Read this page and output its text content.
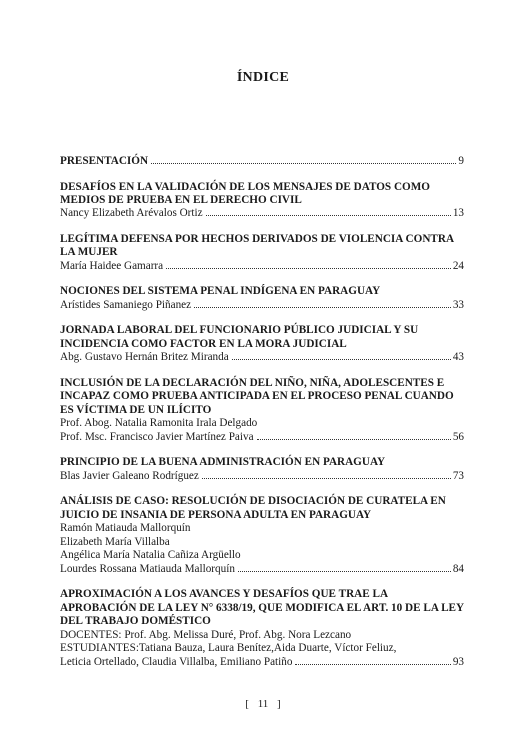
ÍNDICE
PRESENTACIÓN	9
DESAFÍOS EN LA VALIDACIÓN DE LOS MENSAJES DE DATOS COMO MEDIOS DE PRUEBA EN EL DERECHO CIVIL
Nancy Elizabeth Arévalos Ortiz	13
LEGÍTIMA DEFENSA POR HECHOS DERIVADOS DE VIOLENCIA CONTRA LA MUJER
María Haidee Gamarra	24
NOCIONES DEL SISTEMA PENAL INDÍGENA EN PARAGUAY
Arístides Samaniego Piñanez	33
JORNADA LABORAL DEL FUNCIONARIO PÚBLICO JUDICIAL Y SU INCIDENCIA COMO FACTOR EN LA MORA JUDICIAL
Abg. Gustavo Hernán Britez Miranda	43
INCLUSIÓN DE LA DECLARACIÓN DEL NIÑO, NIÑA, ADOLESCENTES E INCAPAZ COMO PRUEBA ANTICIPADA EN EL PROCESO PENAL CUANDO ES VÍCTIMA DE UN ILÍCITO
Prof. Abog. Natalia Ramonita Irala Delgado
Prof. Msc. Francisco Javier Martínez Paiva	56
PRINCIPIO DE LA BUENA ADMINISTRACIÓN EN PARAGUAY
Blas Javier Galeano Rodríguez	73
ANÁLISIS DE CASO: RESOLUCIÓN DE DISOCIACIÓN DE CURATELA EN JUICIO DE INSANIA DE PERSONA ADULTA EN PARAGUAY
Ramón Matiauda Mallorquín
Elizabeth María Villalba
Angélica María Natalia Cañiza Argüello
Lourdes Rossana Matiauda Mallorquín	84
APROXIMACIÓN A LOS AVANCES Y DESAFÍOS QUE TRAE LA APROBACIÓN DE LA LEY N° 6338/19, QUE MODIFICA EL ART. 10 DE LA LEY DEL TRABAJO DOMÉSTICO
DOCENTES: Prof. Abg. Melissa Duré, Prof. Abg. Nora Lezcano
ESTUDIANTES:Tatiana Bauza, Laura Benítez,Aida Duarte, Víctor Feliuz,
Leticia Ortellado, Claudia Villalba, Emiliano Patiño	93
[ 11 ]
